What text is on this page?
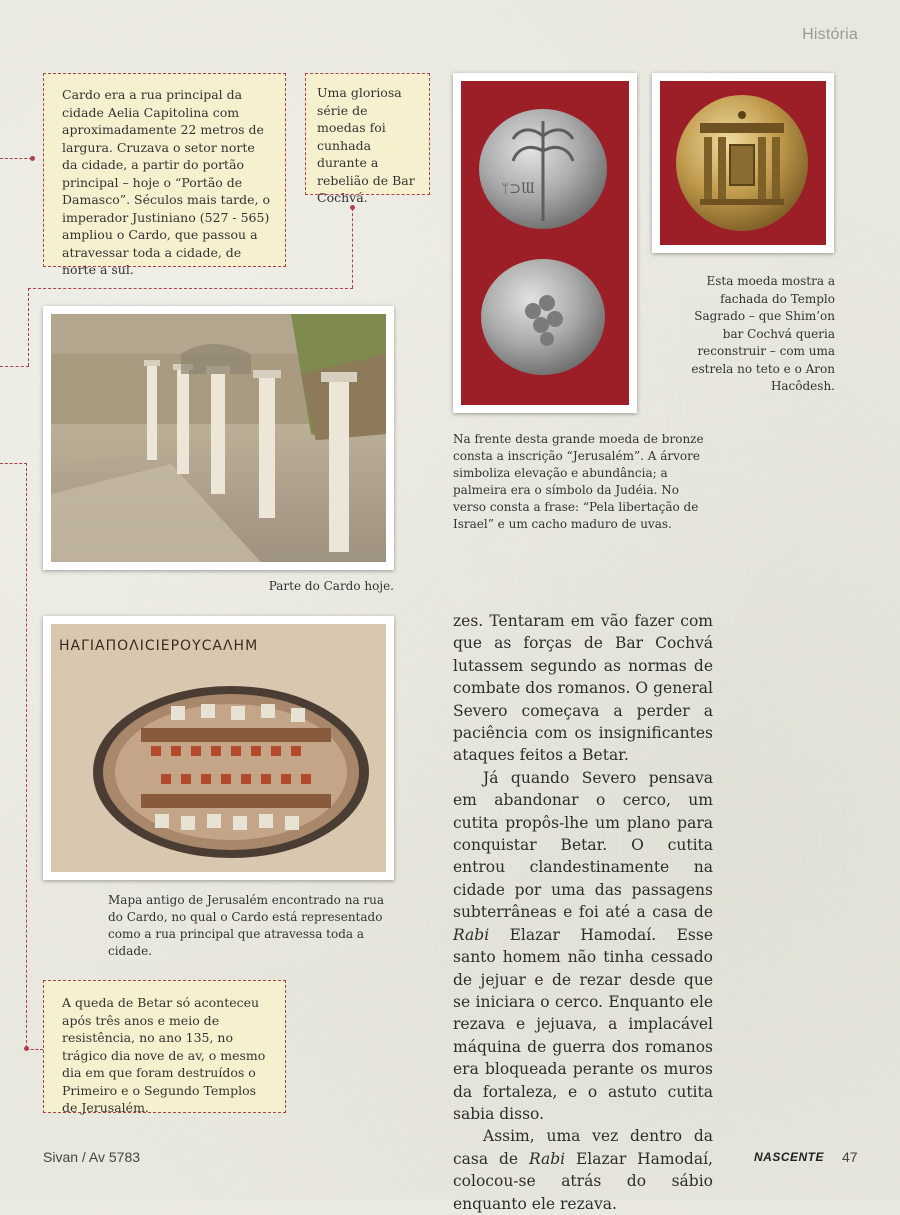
História
Cardo era a rua principal da cidade Aelia Capitolina com aproximadamente 22 metros de largura. Cruzava o setor norte da cidade, a partir do portão principal – hoje o “Portão de Damasco”. Séculos mais tarde, o imperador Justiniano (527 - 565) ampliou o Cardo, que passou a atravessar toda a cidade, de norte a sul.
Uma gloriosa série de moedas foi cunhada durante a rebelião de Bar Cochvá.
ᛘ⊃Ɯ
Esta moeda mostra a fachada do Templo Sagrado – que Shim’on bar Cochvá queria reconstruir – com uma estrela no teto e o Aron Hacôdesh.
Na frente desta grande moeda de bronze consta a inscrição “Jerusalém”. A árvore simboliza elevação e abundância; a palmeira era o símbolo da Judéia. No verso consta a frase: “Pela libertação de Israel” e um cacho maduro de uvas.
Parte do Cardo hoje.
ΗΑΓΙΑΠΟΛΙCΙΕΡΟΥCΑΛΗΜ
Mapa antigo de Jerusalém encontrado na rua do Cardo, no qual o Cardo está representado como a rua principal que atravessa toda a cidade.
A queda de Betar só aconteceu após três anos e meio de resistência, no ano 135, no trágico dia nove de av, o mesmo dia em que foram destruídos o Primeiro e o Segundo Templos de Jerusalém.

zes. Tentaram em vão fazer com que as forças de Bar Cochvá lutassem segundo as normas de combate dos romanos. O general Severo começava a perder a paciência com os insignificantes ataques feitos a Betar.

Já quando Severo pensava em abandonar o cerco, um cutita propôs-lhe um plano para conquistar Betar. O cutita entrou clandestinamente na cidade por uma das passagens subterrâneas e foi até a casa de Rabi Elazar Hamodaí. Esse santo homem não tinha cessado de jejuar e de rezar desde que se iniciara o cerco. Enquanto ele rezava e jejuava, a implacável máquina de guerra dos romanos era bloqueada perante os muros da fortaleza, e o astuto cutita sabia disso.

Assim, uma vez dentro da casa de Rabi Elazar Hamodaí, colocou-se atrás do sábio enquanto ele rezava.

Sivan / Av 5783	NASCENTE 47
